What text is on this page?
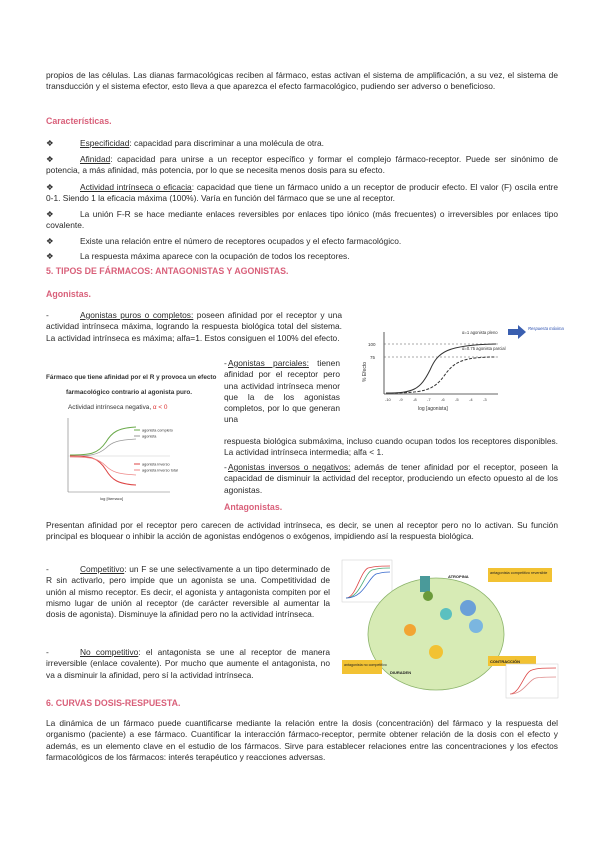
propios de las células. Las dianas farmacológicas reciben al fármaco, estas activan el sistema de amplificación, a su vez, el sistema de transducción y el sistema efector, esto lleva a que aparezca el efecto farmacológico, pudiendo ser adverso o beneficioso.
Características.
❖	Especificidad: capacidad para discriminar a una molécula de otra.
❖	Afinidad: capacidad para unirse a un receptor específico y formar el complejo fármaco-receptor. Puede ser sinónimo de potencia, a más afinidad, más potencia, por lo que se necesita menos dosis para su efecto.
❖	Actividad intrínseca o eficacia: capacidad que tiene un fármaco unido a un receptor de producir efecto. El valor (F) oscila entre 0-1. Siendo 1 la eficacia máxima (100%). Varía en función del fármaco que se une al receptor.
❖	La unión F-R se hace mediante enlaces reversibles por enlaces tipo iónico (más frecuentes) o irreversibles por enlaces tipo covalente.
❖	Existe una relación entre el número de receptores ocupados y el efecto farmacológico.
❖	La respuesta máxima aparece con la ocupación de todos los receptores.
5. TIPOS DE FÁRMACOS: ANTAGONISTAS Y AGONISTAS.
Agonistas.
-	Agonistas puros o completos: poseen afinidad por el receptor y una actividad intrínseca máxima, logrando la respuesta biológica total del sistema. La actividad intrínseca es máxima; alfa=1. Estos consiguen el 100% del efecto.
100
75
% Efecto
-10 -9	-8	-7	-6	-5	-4	-3
log [agonista]
α=1 agonista pleno
α=0.75 agonista parcial
Respuesta máxima
Fármaco que tiene afinidad por el R y provoca un efecto
farmacológico contrario al agonista puro.
Actividad intrínseca negativa, α < 0
agonista completo
agonista
agonista inverso
agonista inverso total
log [fármaco]
- Agonistas parciales: tienen afinidad por el receptor pero una actividad intrínseca menor que la de los agonistas completos, por lo que generan una
respuesta biológica submáxima, incluso cuando ocupan todos los receptores disponibles. La actividad intrínseca intermedia; alfa < 1.
- Agonistas inversos o negativos: además de tener afinidad por el receptor, poseen la capacidad de disminuir la actividad del receptor, produciendo un efecto opuesto al de los agonistas.
Antagonistas.
Presentan afinidad por el receptor pero carecen de actividad intrínseca, es decir, se unen al receptor pero no lo activan. Su función principal es bloquear o inhibir la acción de agonistas endógenos o exógenos, impidiendo así la respuesta biológica.
-	Competitivo: un F se une selectivamente a un tipo determinado de R sin activarlo, pero impide que un agonista se una. Competitividad de unión al mismo receptor. Es decir, el agonista y antagonista compiten por el mismo lugar de unión al receptor (de carácter reversible al aumentar la dosis de agonista). Disminuye la afinidad pero no la actividad intrínseca.
-	No competitivo: el antagonista se une al receptor de manera irreversible (enlace covalente). Por mucho que aumente el antagonista, no va a disminuir la afinidad, pero sí la actividad intrínseca.
ATROPINA
antagonista competitivo reversible
CONTRACCIÓN
antagonista no competitivo
DIURADEN
6. CURVAS DOSIS-RESPUESTA.
La dinámica de un fármaco puede cuantificarse mediante la relación entre la dosis (concentración) del fármaco y la respuesta del organismo (paciente) a ese fármaco. Cuantificar la interacción fármaco-receptor, permite obtener relación de la dosis con el efecto y además, es un elemento clave en el estudio de los fármacos. Sirve para establecer relaciones entre las concentraciones y los efectos farmacológicos de los fármacos: interés terapéutico y reacciones adversas.
